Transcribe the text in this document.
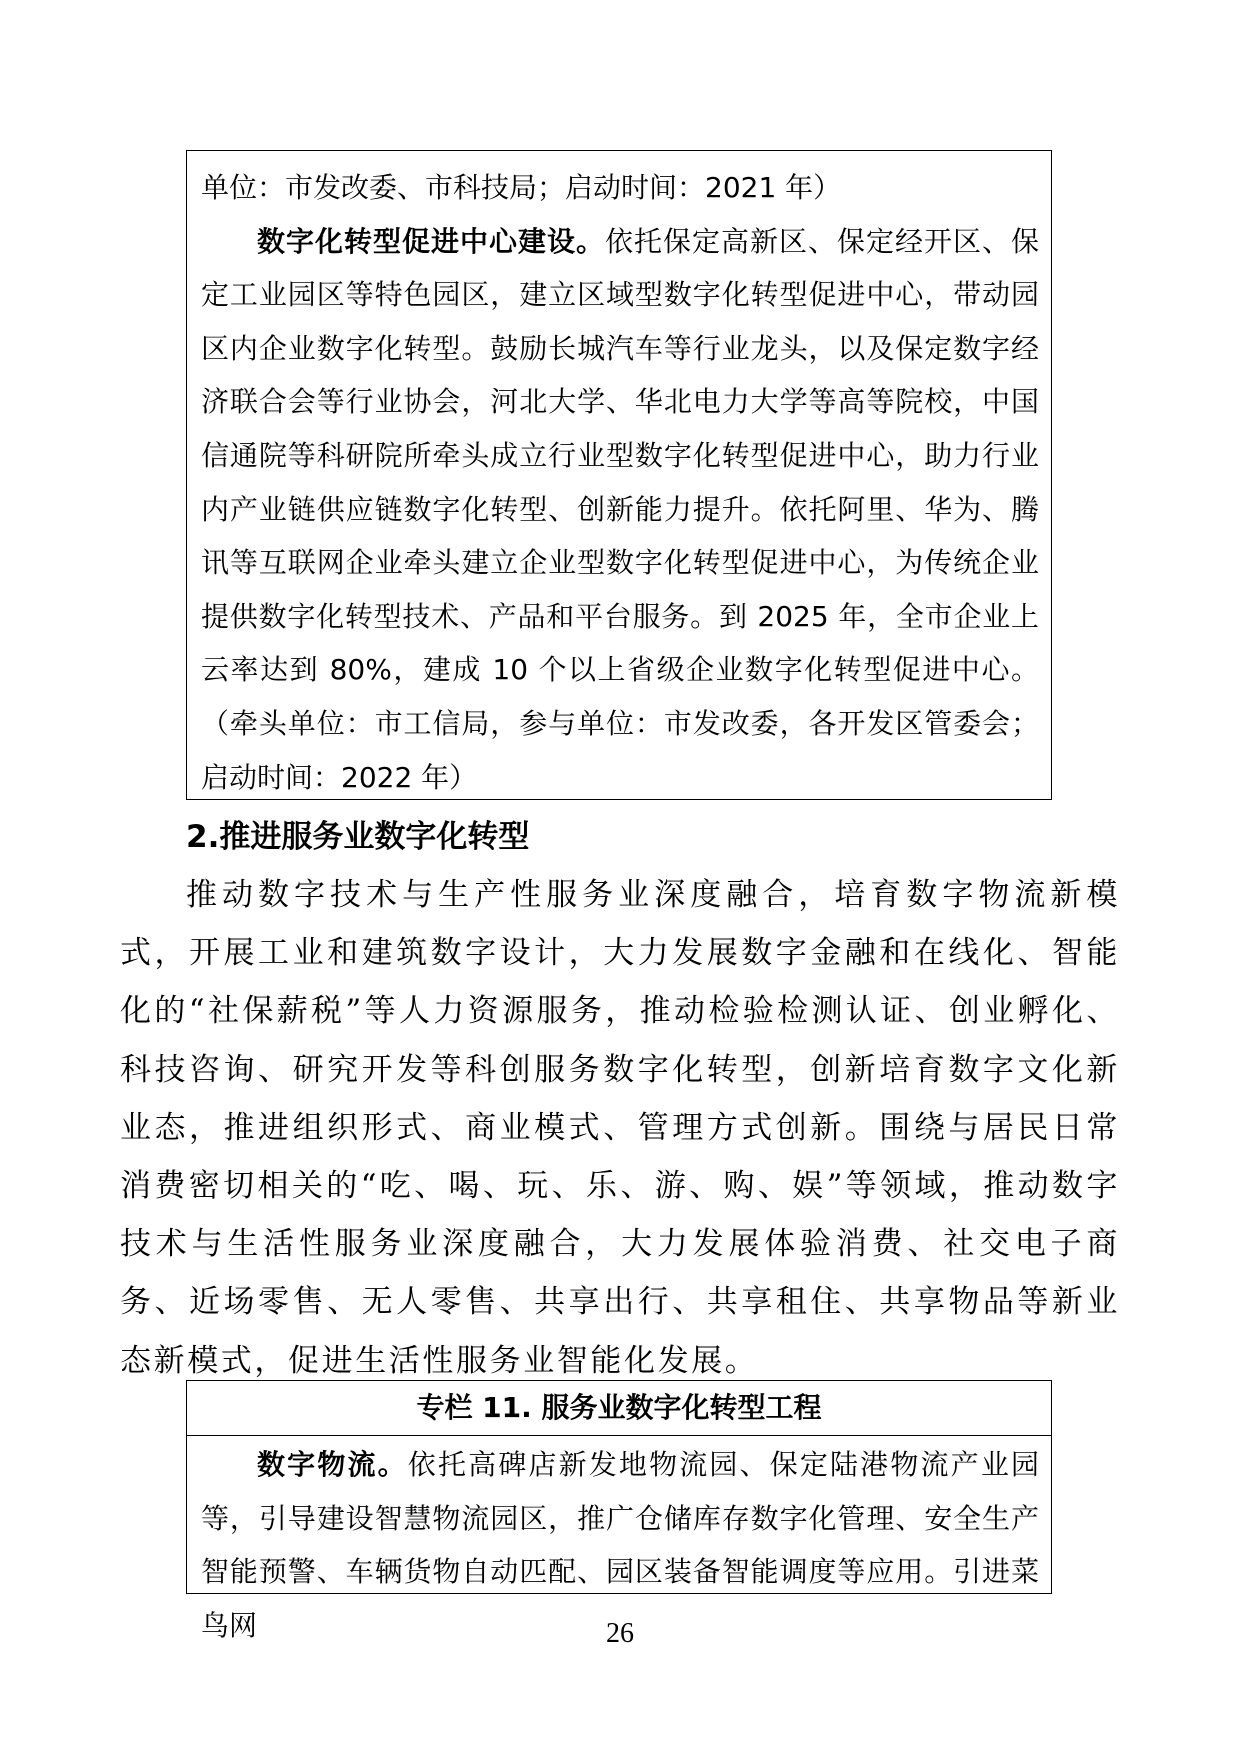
单位：市发改委、市科技局；启动时间：2021 年）

数字化转型促进中心建设。依托保定高新区、保定经开区、保定工业园区等特色园区，建立区域型数字化转型促进中心，带动园区内企业数字化转型。鼓励长城汽车等行业龙头，以及保定数字经济联合会等行业协会，河北大学、华北电力大学等高等院校，中国信通院等科研院所牵头成立行业型数字化转型促进中心，助力行业内产业链供应链数字化转型、创新能力提升。依托阿里、华为、腾讯等互联网企业牵头建立企业型数字化转型促进中心，为传统企业提供数字化转型技术、产品和平台服务。到 2025 年，全市企业上云率达到 80%，建成 10 个以上省级企业数字化转型促进中心。（牵头单位：市工信局，参与单位：市发改委，各开发区管委会；启动时间：2022 年）

2.推进服务业数字化转型

推动数字技术与生产性服务业深度融合，培育数字物流新模式，开展工业和建筑数字设计，大力发展数字金融和在线化、智能化的“社保薪税”等人力资源服务，推动检验检测认证、创业孵化、科技咨询、研究开发等科创服务数字化转型，创新培育数字文化新业态，推进组织形式、商业模式、管理方式创新。围绕与居民日常消费密切相关的“吃、喝、玩、乐、游、购、娱”等领域，推动数字技术与生活性服务业深度融合，大力发展体验消费、社交电子商务、近场零售、无人零售、共享出行、共享租住、共享物品等新业态新模式，促进生活性服务业智能化发展。

专栏 11. 服务业数字化转型工程

数字物流。依托高碑店新发地物流园、保定陆港物流产业园等，引导建设智慧物流园区，推广仓储库存数字化管理、安全生产智能预警、车辆货物自动匹配、园区装备智能调度等应用。引进菜鸟网	26
